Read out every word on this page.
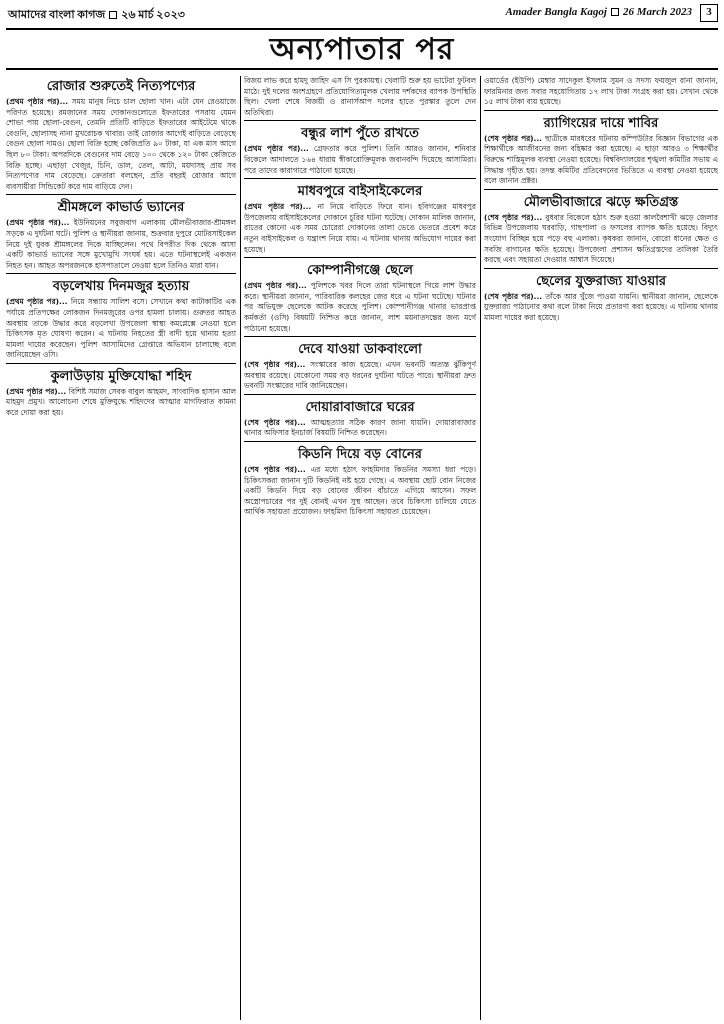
আমাদের বাংলা কাগজ ২৬ মার্চ ২০২৩	Amader Bangla Kagoj 26 March 2023	3
অন্যপাতার পর
রোজার শুরুতেই নিত্যপণ্যের

(প্রথম পৃষ্ঠার পর)... সময় মানুষ নিচে চাল ছোলা খান। এটা যেন রেওয়াজে পরিণত হয়েছে। রমজানের সময় দোকানগুলোতে ইফতারের পসরায় যেমন শোভা পায় ছোলা-বেগুন, তেমনি প্রতিটি বাড়িতে ইফতারের আইটেমে থাকে বেগুনি, ছোলাসহ নানা মুখরোচক খাবার। তাই রোজার আগেই বাড়িতে বেড়েছে বেগুন ছোলা দামও। ছোলা বিক্রি হচ্ছে কেজিপ্রতি ৯০ টাকা, যা এক মাস আগে ছিল ৮০ টাকা। অপরদিকে বেগুনের দাম বেড়ে ১০০ থেকে ১২০ টাকা কেজিতে বিক্রি হচ্ছে। এছাড়া খেজুর, চিনি, ডাল, তেল, আটা, ময়দাসহ প্রায় সব নিত্যপণ্যের দাম বেড়েছে। ক্রেতারা বলছেন, প্রতি বছরই রোজার আগে ব্যবসায়ীরা সিন্ডিকেট করে দাম বাড়িয়ে দেন।

শ্রীমঙ্গলে কাভার্ড ভ্যানের

(প্রথম পৃষ্ঠার পর)... ইউনিয়নের সবুজবাগ এলাকায় মৌলভীবাজার-শ্রীমঙ্গল সড়কে এ দুর্ঘটনা ঘটে। পুলিশ ও স্থানীয়রা জানায়, শুক্রবার দুপুরে মোটরসাইকেল নিয়ে দুই যুবক শ্রীমঙ্গলের দিকে যাচ্ছিলেন। পথে বিপরীত দিক থেকে আসা একটি কাভার্ড ভ্যানের সঙ্গে মুখোমুখি সংঘর্ষ হয়। এতে ঘটনাস্থলেই একজন নিহত হন। আহত অপরজনকে হাসপাতালে নেওয়া হলে তিনিও মারা যান।

বড়লেখায় দিনমজুর হত্যায়

(প্রথম পৃষ্ঠার পর)... নিয়ে সন্ধ্যায় সালিশ বসে। সেখানে কথা কাটাকাটির এক পর্যায়ে প্রতিপক্ষের লোকজন দিনমজুরের ওপর হামলা চালায়। গুরুতর আহত অবস্থায় তাকে উদ্ধার করে বড়লেখা উপজেলা স্বাস্থ্য কমপ্লেক্সে নেওয়া হলে চিকিৎসক মৃত ঘোষণা করেন। এ ঘটনায় নিহতের স্ত্রী বাদী হয়ে থানায় হত্যা মামলা দায়ের করেছেন। পুলিশ আসামিদের গ্রেপ্তারে অভিযান চালাচ্ছে বলে জানিয়েছেন ওসি।

কুলাউড়ায় মুক্তিযোদ্ধা শহিদ

(প্রথম পৃষ্ঠার পর)... বিশিষ্ট সমাজ সেবক বাবুল আহমদ, সাংবাদিক হাসান আল মাহমুদ প্রমুখ। আলোচনা শেষে মুক্তিযুদ্ধে শহিদদের আত্মার মাগফিরাত কামনা করে দোয়া করা হয়।

বিজয় লাভ করে হামদু জাহিদ এস সি পুরকায়স্থ। খেলাটি শুরু হয় ভাটেরা ফুটবল মাঠে। দুই দলের অংশগ্রহণে প্রতিযোগিতামূলক খেলায় দর্শকদের ব্যাপক উপস্থিতি ছিল। খেলা শেষে বিজয়ী ও রানার্সআপ দলের হাতে পুরস্কার তুলে দেন অতিথিরা।

বন্ধুর লাশ পুঁতে রাখতে

(প্রথম পৃষ্ঠার পর)... গ্রেফতার করে পুলিশ। তিনি আরও জানান, শনিবার বিকেলে আদালতে ১৬৪ ধারায় স্বীকারোক্তিমূলক জবানবন্দি দিয়েছে আসামিরা। পরে তাদের কারাগারে পাঠানো হয়েছে।

মাধবপুরে বাইসাইকেলের

(প্রথম পৃষ্ঠার পর)... না নিয়ে বাড়িতে ফিরে যান। হবিগঞ্জের মাধবপুর উপজেলায় বাইসাইকেলের দোকানে চুরির ঘটনা ঘটেছে। দোকান মালিক জানান, রাতের কোনো এক সময় চোরেরা দোকানের তালা ভেঙে ভেতরে প্রবেশ করে নতুন বাইসাইকেল ও যন্ত্রাংশ নিয়ে যায়। এ ঘটনায় থানায় অভিযোগ দায়ের করা হয়েছে।

কোম্পানীগঞ্জে ছেলে

(প্রথম পৃষ্ঠার পর)... পুলিশকে খবর দিলে তারা ঘটনাস্থলে গিয়ে লাশ উদ্ধার করে। স্থানীয়রা জানান, পারিবারিক কলহের জের ধরে এ ঘটনা ঘটেছে। ঘটনার পর অভিযুক্ত ছেলেকে আটক করেছে পুলিশ। কোম্পানীগঞ্জ থানার ভারপ্রাপ্ত কর্মকর্তা (ওসি) বিষয়টি নিশ্চিত করে জানান, লাশ ময়নাতদন্তের জন্য মর্গে পাঠানো হয়েছে।

দেবে যাওয়া ডাকবাংলো

(শেষ পৃষ্ঠার পর)... সংস্কারের কাজ হয়েছে। এখন ভবনটি অত্যন্ত ঝুঁকিপূর্ণ অবস্থায় রয়েছে। যেকোনো সময় বড় ধরনের দুর্ঘটনা ঘটতে পারে। স্থানীয়রা দ্রুত ভবনটি সংস্কারের দাবি জানিয়েছেন।

দোয়ারাবাজারে ঘরের

(শেষ পৃষ্ঠার পর)... আত্মহত্যার সঠিক কারণ জানা যায়নি। দোয়ারাবাজার থানার অফিসার ইনচার্জ বিষয়টি নিশ্চিত করেছেন।

কিডনি দিয়ে বড় বোনের

(শেষ পৃষ্ঠার পর)... এর মধ্যে হঠাৎ ফাহমিদার কিডনির সমস্যা ধরা পড়ে। চিকিৎসকরা জানান দুটি কিডনিই নষ্ট হয়ে গেছে। এ অবস্থায় ছোট বোন নিজের একটি কিডনি দিয়ে বড় বোনের জীবন বাঁচাতে এগিয়ে আসেন। সফল অস্ত্রোপচারের পর দুই বোনই এখন সুস্থ আছেন। তবে চিকিৎসা চালিয়ে যেতে আর্থিক সহায়তা প্রয়োজন। ফাহমিদা চিকিৎসা সহায়তা চেয়েছেন।

ওয়ার্ডের (ইউপি) মেম্বার সাদেকুল ইসলাম সুমন ও সদস্য ফয়জুল রানা জানান, ফারমিনার জন্য সবার সহযোগিতায় ১৭ লাখ টাকা সংগ্রহ করা হয়। সেখান থেকে ১৫ লাখ টাকা ব্যয় হয়েছে।

র‍্যাগিংয়ের দায়ে শাবির

(শেষ পৃষ্ঠার পর)... ছাত্রীকে মারধরের ঘটনায় কম্পিউটার বিজ্ঞান বিভাগের এক শিক্ষার্থীকে আজীবনের জন্য বহিষ্কার করা হয়েছে। এ ছাড়া আরও ৩ শিক্ষার্থীর বিরুদ্ধে শাস্তিমূলক ব্যবস্থা নেওয়া হয়েছে। বিশ্ববিদ্যালয়ের শৃঙ্খলা কমিটির সভায় এ সিদ্ধান্ত গৃহীত হয়। তদন্ত কমিটির প্রতিবেদনের ভিত্তিতে এ ব্যবস্থা নেওয়া হয়েছে বলে জানান প্রক্টর।

মৌলভীবাজারে ঝড়ে ক্ষতিগ্রস্ত

(শেষ পৃষ্ঠার পর)... বুধবার বিকেলে হঠাৎ শুরু হওয়া কালবৈশাখী ঝড়ে জেলার বিভিন্ন উপজেলায় ঘরবাড়ি, গাছপালা ও ফসলের ব্যাপক ক্ষতি হয়েছে। বিদ্যুৎ সংযোগ বিচ্ছিন্ন হয়ে পড়ে বহু এলাকা। কৃষকরা জানান, বোরো ধানের ক্ষেত ও সবজি বাগানের ক্ষতি হয়েছে। উপজেলা প্রশাসন ক্ষতিগ্রস্তদের তালিকা তৈরি করছে এবং সহায়তা দেওয়ার আশ্বাস দিয়েছে।

ছেলের যুক্তরাজ্য যাওয়ার

(শেষ পৃষ্ঠার পর)... তাঁকে আর খুঁজে পাওয়া যায়নি। স্থানীয়রা জানান, ছেলেকে যুক্তরাজ্য পাঠানোর কথা বলে টাকা নিয়ে প্রতারণা করা হয়েছে। এ ঘটনায় থানায় মামলা দায়ের করা হয়েছে।
